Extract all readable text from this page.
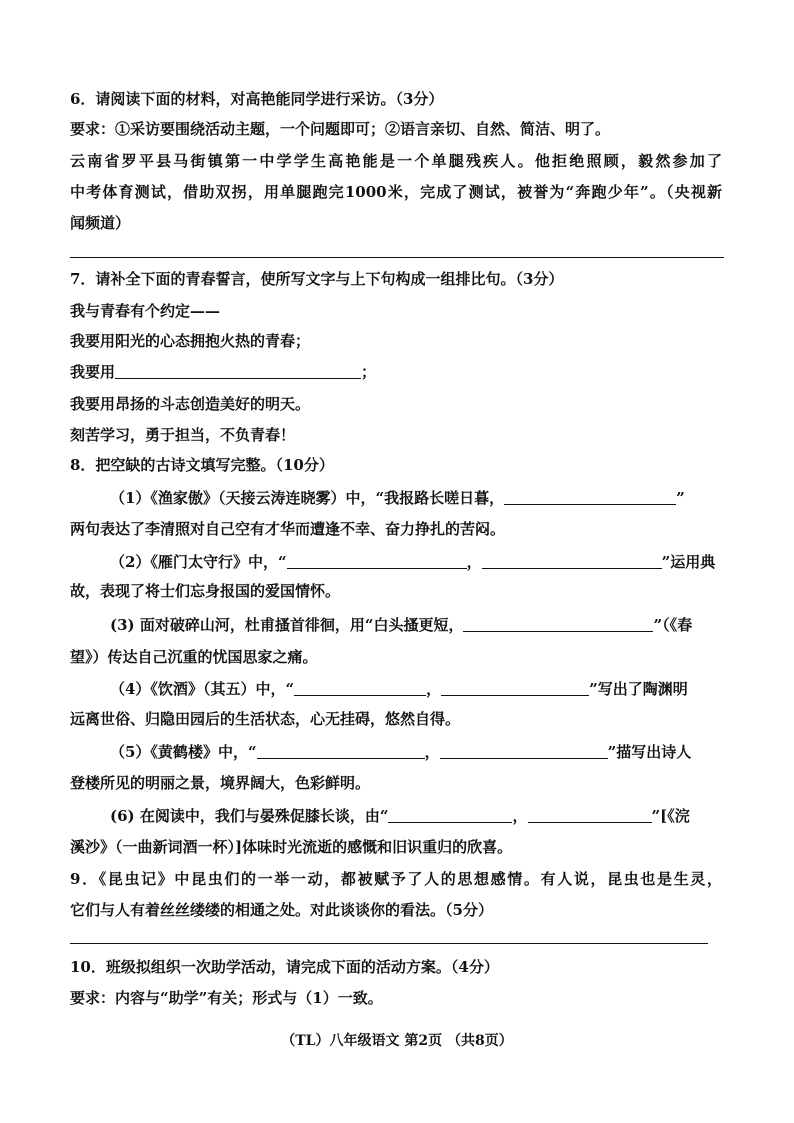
6．请阅读下面的材料，对高艳能同学进行采访。（3分）
要求：①采访要围绕活动主题，一个问题即可；②语言亲切、自然、简洁、明了。
云南省罗平县马街镇第一中学学生高艳能是一个单腿残疾人。他拒绝照顾，毅然参加了
中考体育测试，借助双拐，用单腿跑完1000米，完成了测试，被誉为“奔跑少年”。（央视新
闻频道）
7．请补全下面的青春誓言，使所写文字与上下句构成一组排比句。（3分）
我与青春有个约定——
我要用阳光的心态拥抱火热的青春；
我要用	；
我要用昂扬的斗志创造美好的明天。
刻苦学习，勇于担当，不负青春！
8．把空缺的古诗文填写完整。（10分）
（1）《渔家傲》（天接云涛连晓雾）中，“我报路长嗟日暮，	”
两句表达了李清照对自己空有才华而遭逢不幸、奋力挣扎的苦闷。
（2）《雁门太守行》中，“	，	”运用典
故，表现了将士们忘身报国的爱国情怀。
(3) 面对破碎山河，杜甫搔首徘徊，用“白头搔更短，	”（《春
望》）传达自己沉重的忧国思家之痛。
（4）《饮酒》（其五）中，“	，	”写出了陶渊明
远离世俗、归隐田园后的生活状态，心无挂碍，悠然自得。
（5）《黄鹤楼》中，“	，	”描写出诗人
登楼所见的明丽之景，境界阔大，色彩鲜明。
(6) 在阅读中，我们与晏殊促膝长谈，由“	，	”[《浣
溪沙》（一曲新词酒一杯）]体味时光流逝的感慨和旧识重归的欣喜。
9．《昆虫记》中昆虫们的一举一动，都被赋予了人的思想感情。有人说，昆虫也是生灵，
它们与人有着丝丝缕缕的相通之处。对此谈谈你的看法。（5分）
10．班级拟组织一次助学活动，请完成下面的活动方案。（4分）
要求：内容与“助学”有关；形式与（1）一致。
（TL）八年级语文 第2页 （共8页）
